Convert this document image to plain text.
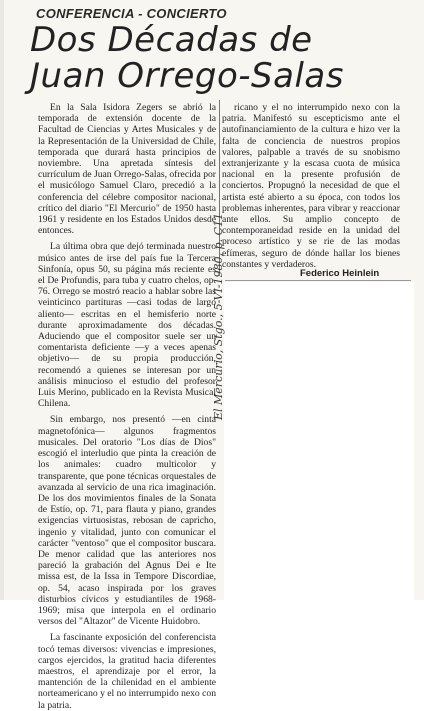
CONFERENCIA - CONCIERTO
Dos Décadas de
Juan Orrego-Salas

En la Sala Isidora Zegers se abrió la temporada de extensión docente de la Facultad de Ciencias y Artes Musicales y de la Representación de la Universidad de Chile, temporada que durará hasta principios de noviembre. Una apretada síntesis del currículum de Juan Orrego-Salas, ofrecida por el musicólogo Samuel Claro, precedió a la conferencia del célebre compositor nacional, crítico del diario "El Mercurio" de 1950 hasta 1961 y residente en los Estados Unidos desde entonces.

La última obra que dejó terminada nuestro músico antes de irse del país fue la Tercera Sinfonía, opus 50, su página más reciente es el De Profundis, para tuba y cuatro chelos, op. 76. Orrego se mostró reacio a hablar sobre las veinticinco partituras —casi todas de largo aliento— escritas en el hemisferio norte durante aproximadamente dos décadas. Aduciendo que el compositor suele ser un comentarista deficiente —y a veces apenas objetivo— de su propia producción, recomendó a quienes se interesan por un análisis minucioso el estudio del profesor Luis Merino, publicado en la Revista Musical Chilena.

Sin embargo, nos presentó —en cinta magnetofónica— algunos fragmentos musicales. Del oratorio "Los días de Dios" escogió el interludio que pinta la creación de los animales: cuadro multicolor y transparente, que pone técnicas orquestales de avanzada al servicio de una rica imaginación. De los dos movimientos finales de la Sonata de Estío, op. 71, para flauta y piano, grandes exigencias virtuosistas, rebosan de capricho, ingenio y vitalidad, junto con comunicar el carácter "ventoso" que el compositor buscara. De menor calidad que las anteriores nos pareció la grabación del Agnus Dei e Ite missa est, de la Issa in Tempore Discordiae, op. 54, acaso inspirada por los graves disturbios cívicos y estudiantiles de 1968-1969; misa que interpola en el ordinario versos del "Altazor" de Vicente Huidobro.

La fascinante exposición del conferencista tocó temas diversos: vivencias e impresiones, cargos ejercidos, la gratitud hacia diferentes maestros, el aprendizaje por el error, la mantención de la chilenidad en el ambiente norteamericano y el no interrumpido nexo con la patria.

ricano y el no interrumpido nexo con la patria. Manifestó su escepticismo ante el autofinanciamiento de la cultura e hizo ver la falta de conciencia de nuestros propios valores, palpable a través de su snobismo extranjerizante y la escasa cuota de música nacional en la presente profusión de conciertos. Propugnó la necesidad de que el artista esté abierto a su época, con todos los problemas inherentes, para vibrar y reaccionar ante ellos. Su amplio concepto de contemporaneidad reside en la unidad del proceso artístico y se rie de las modas efímeras, seguro de dónde hallar los bienes constantes y verdaderos.

Federico Heinlein
El Mercurio, Stgo., 5-VI-1980, p. C11
